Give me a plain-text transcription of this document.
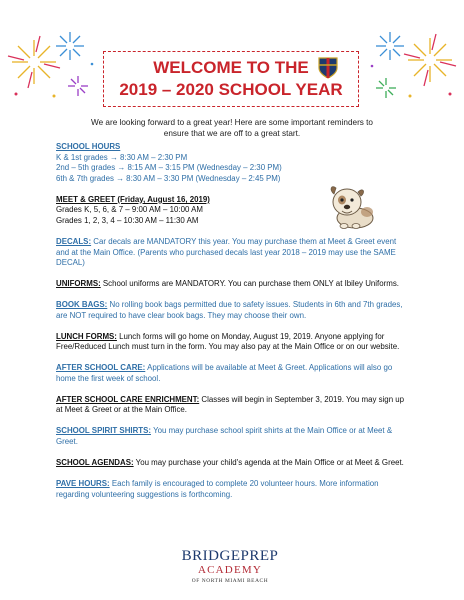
WELCOME TO THE
2019 – 2020 SCHOOL YEAR
We are looking forward to a great year! Here are some important reminders to
ensure that we are off to a great start.
SCHOOL HOURS
K & 1st grades → 8:30 AM – 2:30 PM
2nd – 5th grades → 8:15 AM – 3:15 PM (Wednesday – 2:30 PM)
6th & 7th grades → 8:30 AM – 3:30 PM (Wednesday – 2:45 PM)
MEET & GREET (Friday, August 16, 2019)
Grades K, 5, 6, & 7 – 9:00 AM – 10:00 AM
Grades 1, 2, 3, 4 – 10:30 AM – 11:30 AM
DECALS: Car decals are MANDATORY this year. You may purchase them at Meet & Greet event and at the Main Office. (Parents who purchased decals last year 2018 – 2019 may use the SAME DECAL)
UNIFORMS: School uniforms are MANDATORY. You can purchase them ONLY at Ibiley Uniforms.
BOOK BAGS: No rolling book bags permitted due to safety issues. Students in 6th and 7th grades, are NOT required to have clear book bags. They may choose their own.
LUNCH FORMS: Lunch forms will go home on Monday, August 19, 2019. Anyone applying for Free/Reduced Lunch must turn in the form. You may also pay at the Main Office or on our website.
AFTER SCHOOL CARE: Applications will be available at Meet & Greet. Applications will also go home the first week of school.
AFTER SCHOOL CARE ENRICHMENT: Classes will begin in September 3, 2019. You may sign up at Meet & Greet or at the Main Office.
SCHOOL SPIRIT SHIRTS: You may purchase school spirit shirts at the Main Office or at Meet & Greet.
SCHOOL AGENDAS: You may purchase your child's agenda at the Main Office or at Meet & Greet.
PAVE HOURS: Each family is encouraged to complete 20 volunteer hours. More information regarding volunteering suggestions is forthcoming.
BRIDGEPREP
ACADEMY
OF NORTH MIAMI BEACH
